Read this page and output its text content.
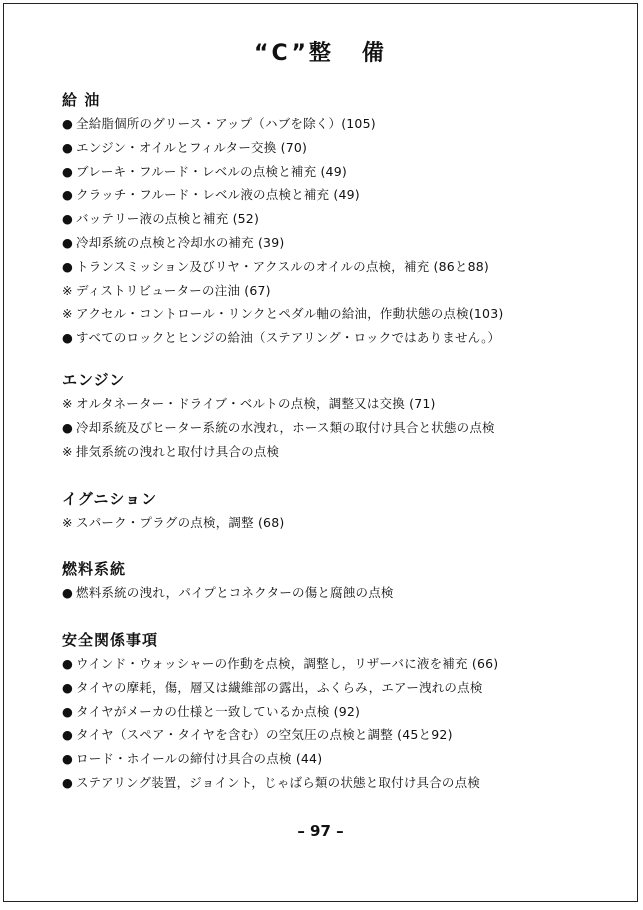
“C”整 備
給 油
● 全給脂個所のグリース・アップ（ハブを除く）(105)
● エンジン・オイルとフィルター交換 (70)
● ブレーキ・フルード・レベルの点検と補充 (49)
● クラッチ・フルード・レベル液の点検と補充 (49)
● バッテリー液の点検と補充 (52)
● 冷却系統の点検と冷却水の補充 (39)
● トランスミッション及びリヤ・アクスルのオイルの点検，補充 (86と88)
※ ディストリビューターの注油 (67)
※ アクセル・コントロール・リンクとペダル軸の給油，作動状態の点検(103)
● すべてのロックとヒンジの給油（ステアリング・ロックではありません。）
エンジン
※ オルタネーター・ドライブ・ベルトの点検，調整又は交換 (71)
● 冷却系統及びヒーター系統の水洩れ，ホース類の取付け具合と状態の点検
※ 排気系統の洩れと取付け具合の点検
イグニション
※ スパーク・プラグの点検，調整 (68)
燃料系統
● 燃料系統の洩れ，パイプとコネクターの傷と腐蝕の点検
安全関係事項
● ウインド・ウォッシャーの作動を点検，調整し，リザーバに液を補充 (66)
● タイヤの摩耗，傷，層又は繊維部の露出，ふくらみ，エアー洩れの点検
● タイヤがメーカの仕様と一致しているか点検 (92)
● タイヤ（スペア・タイヤを含む）の空気圧の点検と調整 (45と92)
● ロード・ホイールの締付け具合の点検 (44)
● ステアリング装置，ジョイント，じゃばら類の状態と取付け具合の点検
– 97 –
